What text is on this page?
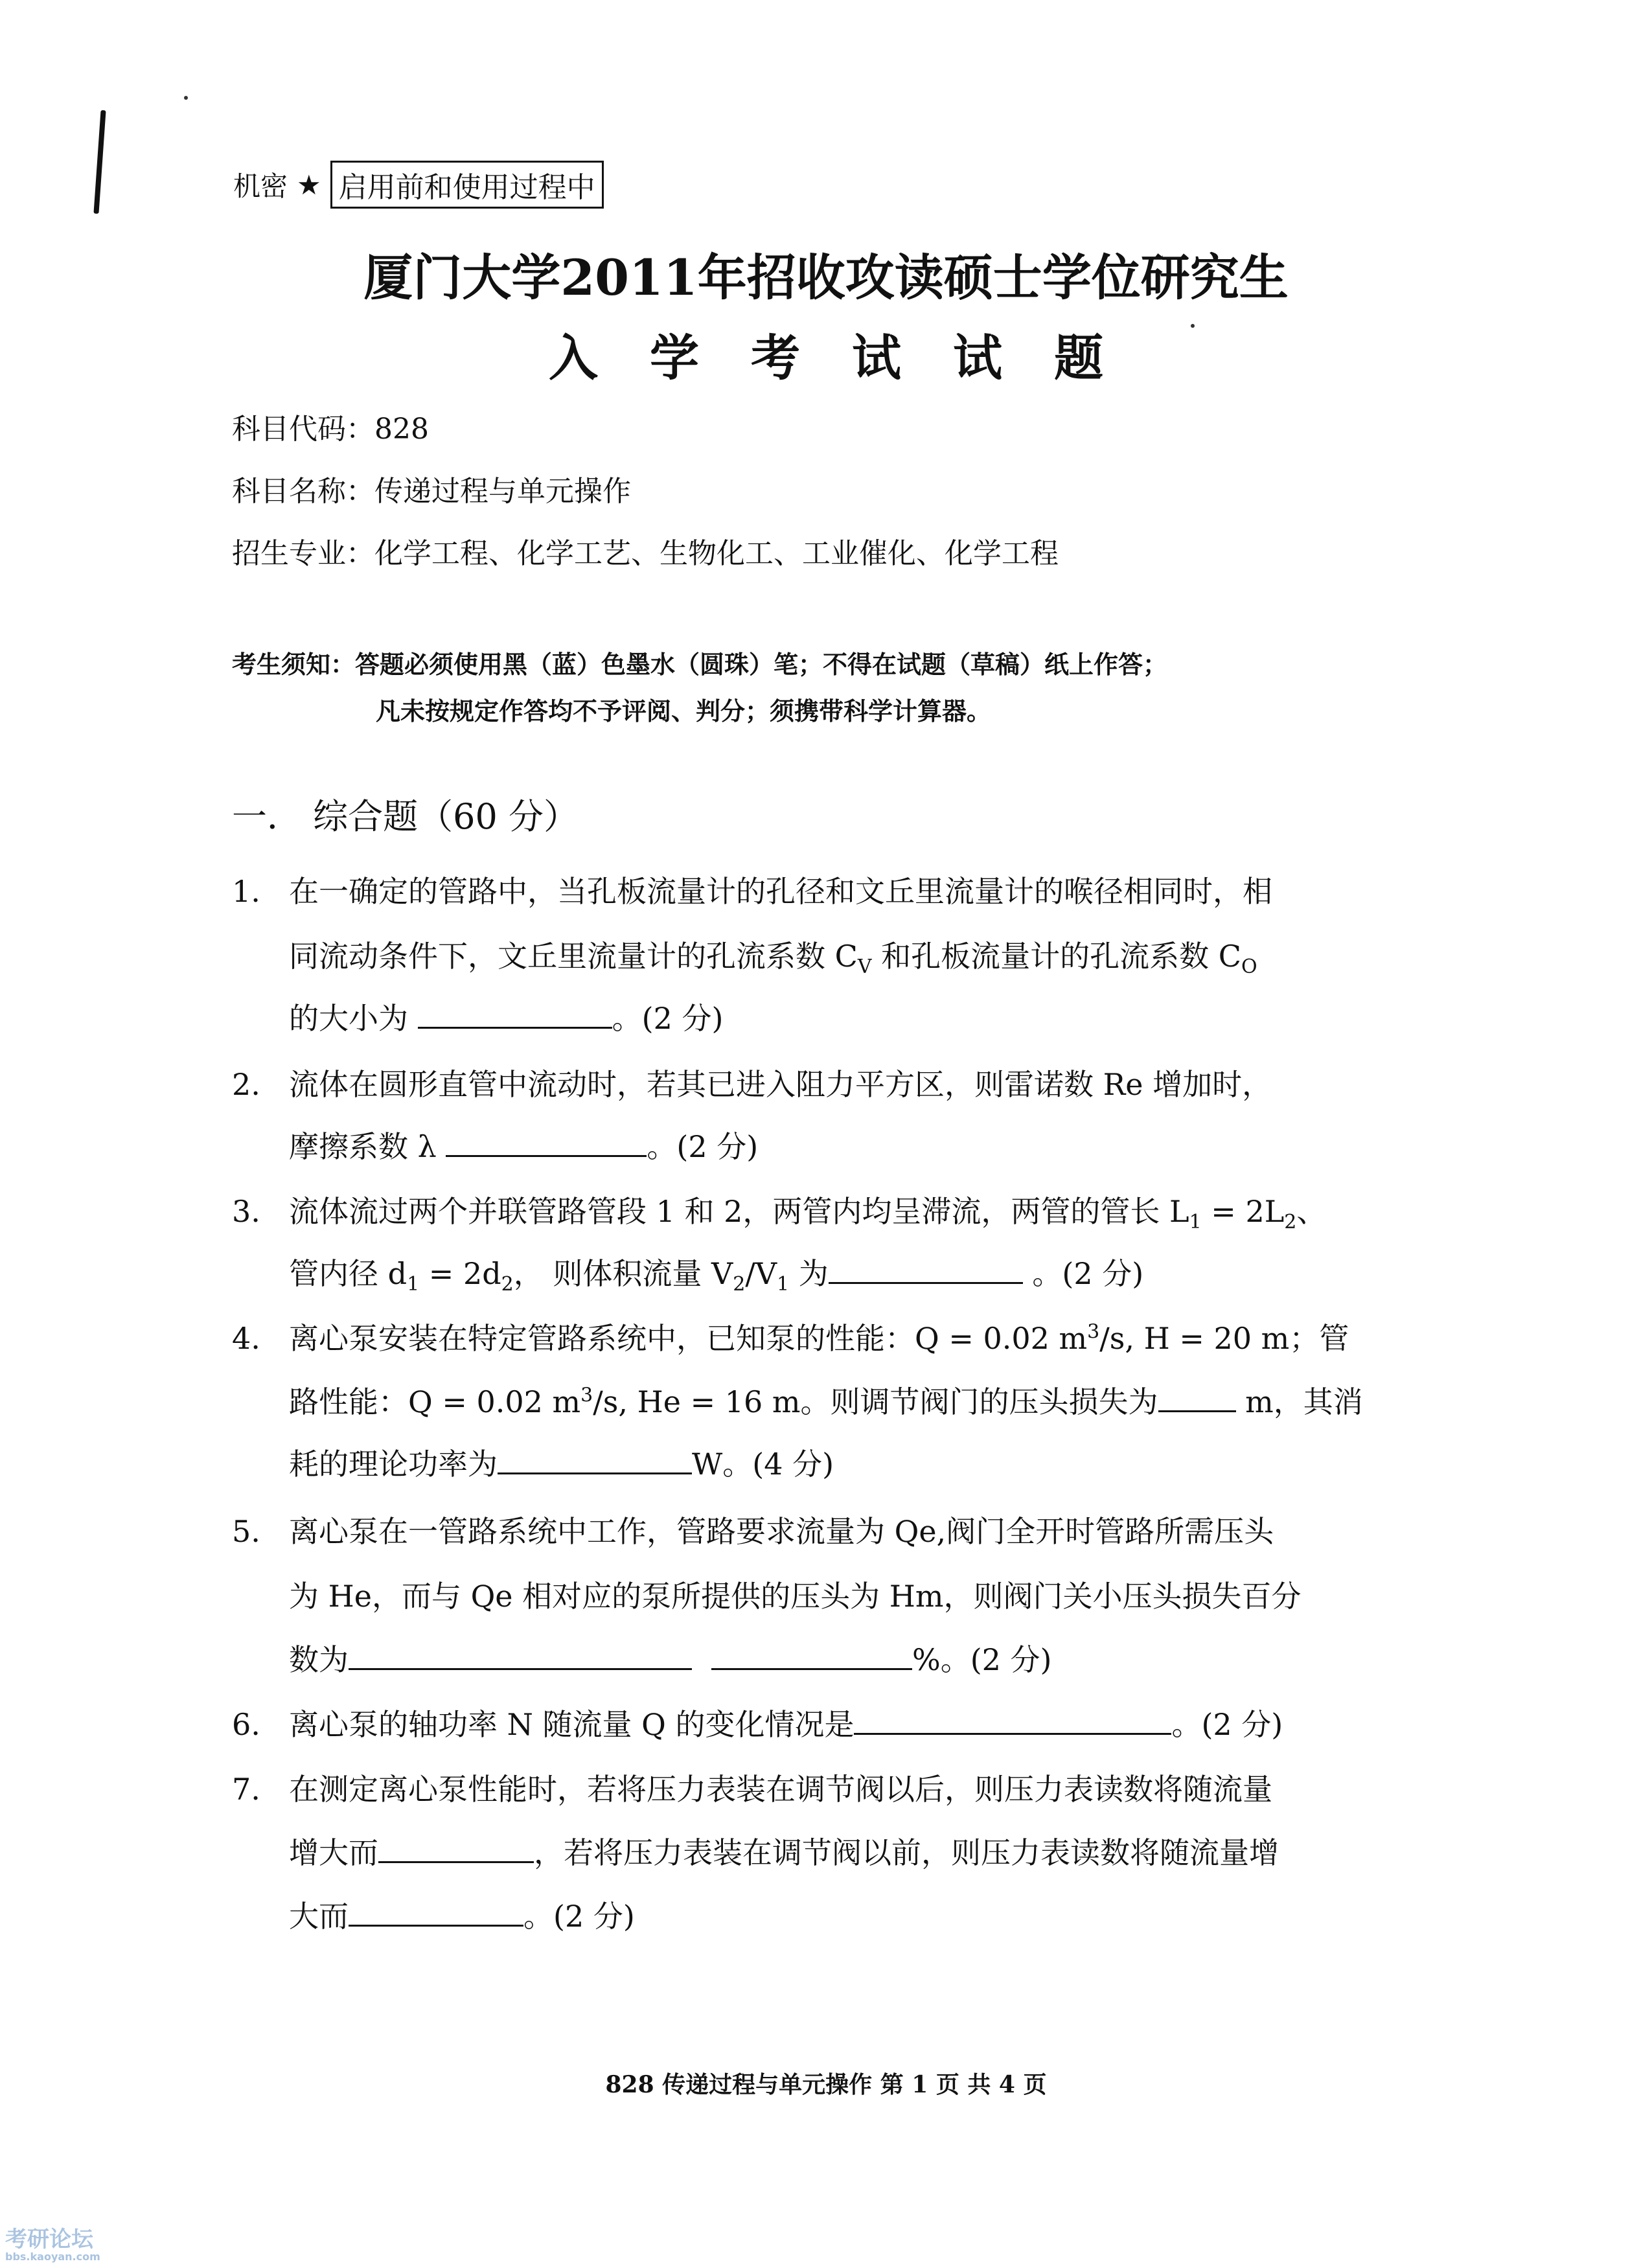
机密 ★ 启用前和使用过程中
厦门大学2011年招收攻读硕士学位研究生
入学考试试题
科目代码：828
科目名称：传递过程与单元操作
招生专业：化学工程、化学工艺、生物化工、工业催化、化学工程
考生须知：答题必须使用黑（蓝）色墨水（圆珠）笔；不得在试题（草稿）纸上作答；
凡未按规定作答均不予评阅、判分；须携带科学计算器。
一． 综合题（60 分）
1. 在一确定的管路中，当孔板流量计的孔径和文丘里流量计的喉径相同时，相
同流动条件下，文丘里流量计的孔流系数 $C_V$ 和孔板流量计的孔流系数 $C_O$
的大小为	。(2 分)
2. 流体在圆形直管中流动时，若其已进入阻力平方区，则雷诺数 Re 增加时，
摩擦系数 λ	。(2 分)
3. 流体流过两个并联管路管段 1 和 2，两管内均呈滞流，两管的管长 $L_1 = 2L_2$、
管内径 $d_1 = 2d_2$， 则体积流量 $V_2/V_1$ 为	。(2 分)
4. 离心泵安装在特定管路系统中，已知泵的性能：Q = 0.02 $m^3/s$, H = 20 m；管
路性能：Q = 0.02 $m^3/s$, He = 16 m。则调节阀门的压头损失为	m，其消
耗的理论功率为	W。(4 分)
5. 离心泵在一管路系统中工作，管路要求流量为 Qe,阀门全开时管路所需压头
为 He，而与 Qe 相对应的泵所提供的压头为 Hm，则阀门关小压头损失百分
数为	%。(2 分)
6. 离心泵的轴功率 N 随流量 Q 的变化情况是	。(2 分)
7. 在测定离心泵性能时，若将压力表装在调节阀以后，则压力表读数将随流量
增大而	，若将压力表装在调节阀以前，则压力表读数将随流量增
大而	。(2 分)
828 传递过程与单元操作 第 1 页 共 4 页
考研论坛
bbs.kaoyan.com
